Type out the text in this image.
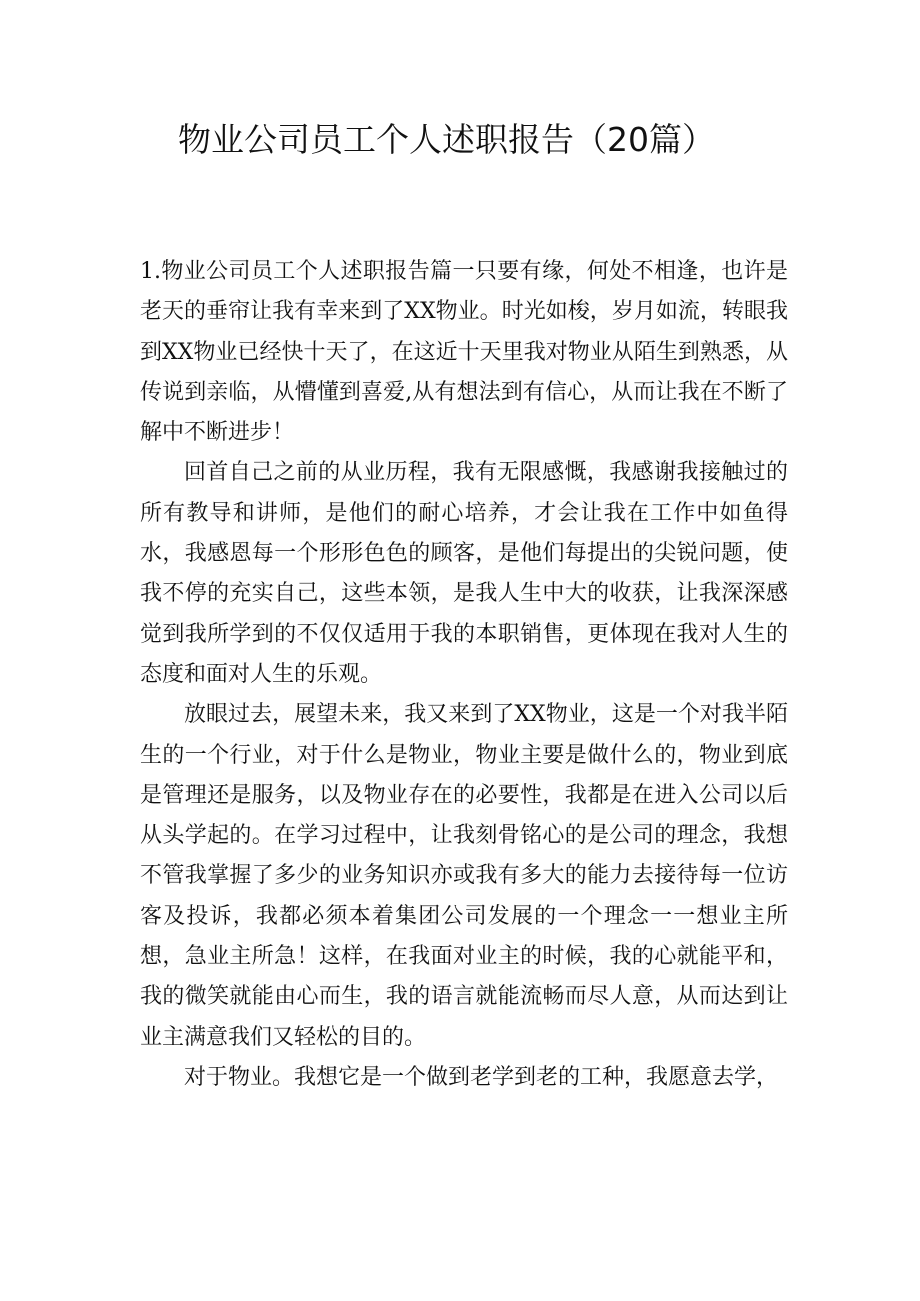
物业公司员工个人述职报告（20篇）

1.物业公司员工个人述职报告篇一只要有缘，何处不相逢，也许是老天的垂帘让我有幸来到了XX物业。时光如梭，岁月如流，转眼我到XX物业已经快十天了，在这近十天里我对物业从陌生到熟悉，从传说到亲临，从懵懂到喜爱,从有想法到有信心，从而让我在不断了解中不断进步！

回首自己之前的从业历程，我有无限感慨，我感谢我接触过的所有教导和讲师，是他们的耐心培养，才会让我在工作中如鱼得水，我感恩每一个形形色色的顾客，是他们每提出的尖锐问题，使我不停的充实自己，这些本领，是我人生中大的收获，让我深深感觉到我所学到的不仅仅适用于我的本职销售，更体现在我对人生的态度和面对人生的乐观。

放眼过去，展望未来，我又来到了XX物业，这是一个对我半陌生的一个行业，对于什么是物业，物业主要是做什么的，物业到底是管理还是服务，以及物业存在的必要性，我都是在进入公司以后从头学起的。在学习过程中，让我刻骨铭心的是公司的理念，我想不管我掌握了多少的业务知识亦或我有多大的能力去接待每一位访客及投诉，我都必须本着集团公司发展的一个理念一一想业主所想，急业主所急！这样，在我面对业主的时候，我的心就能平和，我的微笑就能由心而生，我的语言就能流畅而尽人意，从而达到让业主满意我们又轻松的目的。

对于物业。我想它是一个做到老学到老的工种，我愿意去学，
